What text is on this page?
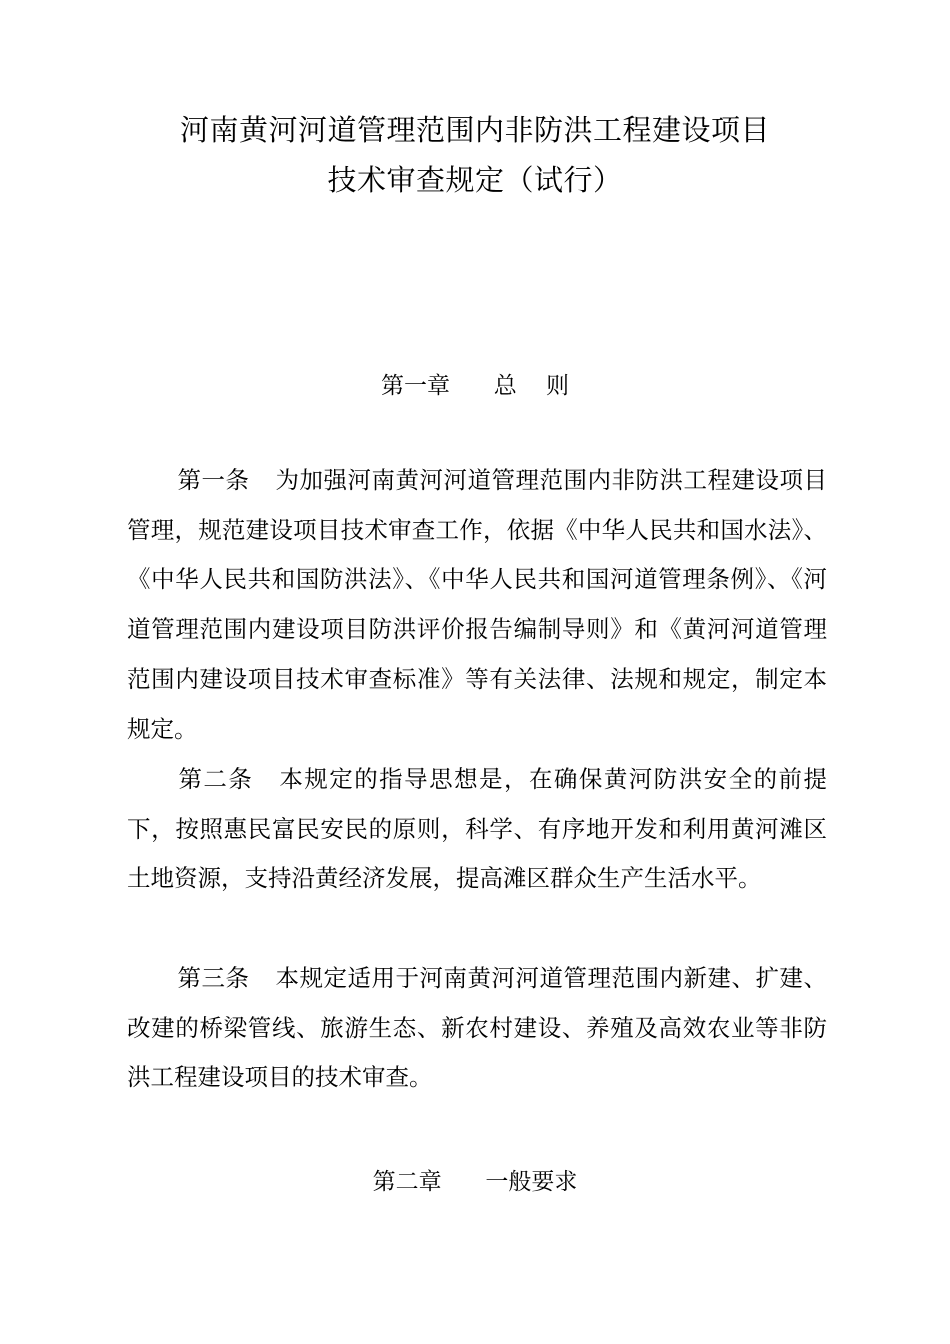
河南黄河河道管理范围内非防洪工程建设项目
技术审查规定（试行）
第一章      总    则
第一条 为加强河南黄河河道管理范围内非防洪工程建设项目管理，规范建设项目技术审查工作，依据《中华人民共和国水法》、《中华人民共和国防洪法》、《中华人民共和国河道管理条例》、《河道管理范围内建设项目防洪评价报告编制导则》和《黄河河道管理范围内建设项目技术审查标准》等有关法律、法规和规定，制定本规定。
第二条 本规定的指导思想是，在确保黄河防洪安全的前提下，按照惠民富民安民的原则，科学、有序地开发和利用黄河滩区土地资源，支持沿黄经济发展，提高滩区群众生产生活水平。
第三条 本规定适用于河南黄河河道管理范围内新建、扩建、改建的桥梁管线、旅游生态、新农村建设、养殖及高效农业等非防洪工程建设项目的技术审查。
第二章      一般要求
